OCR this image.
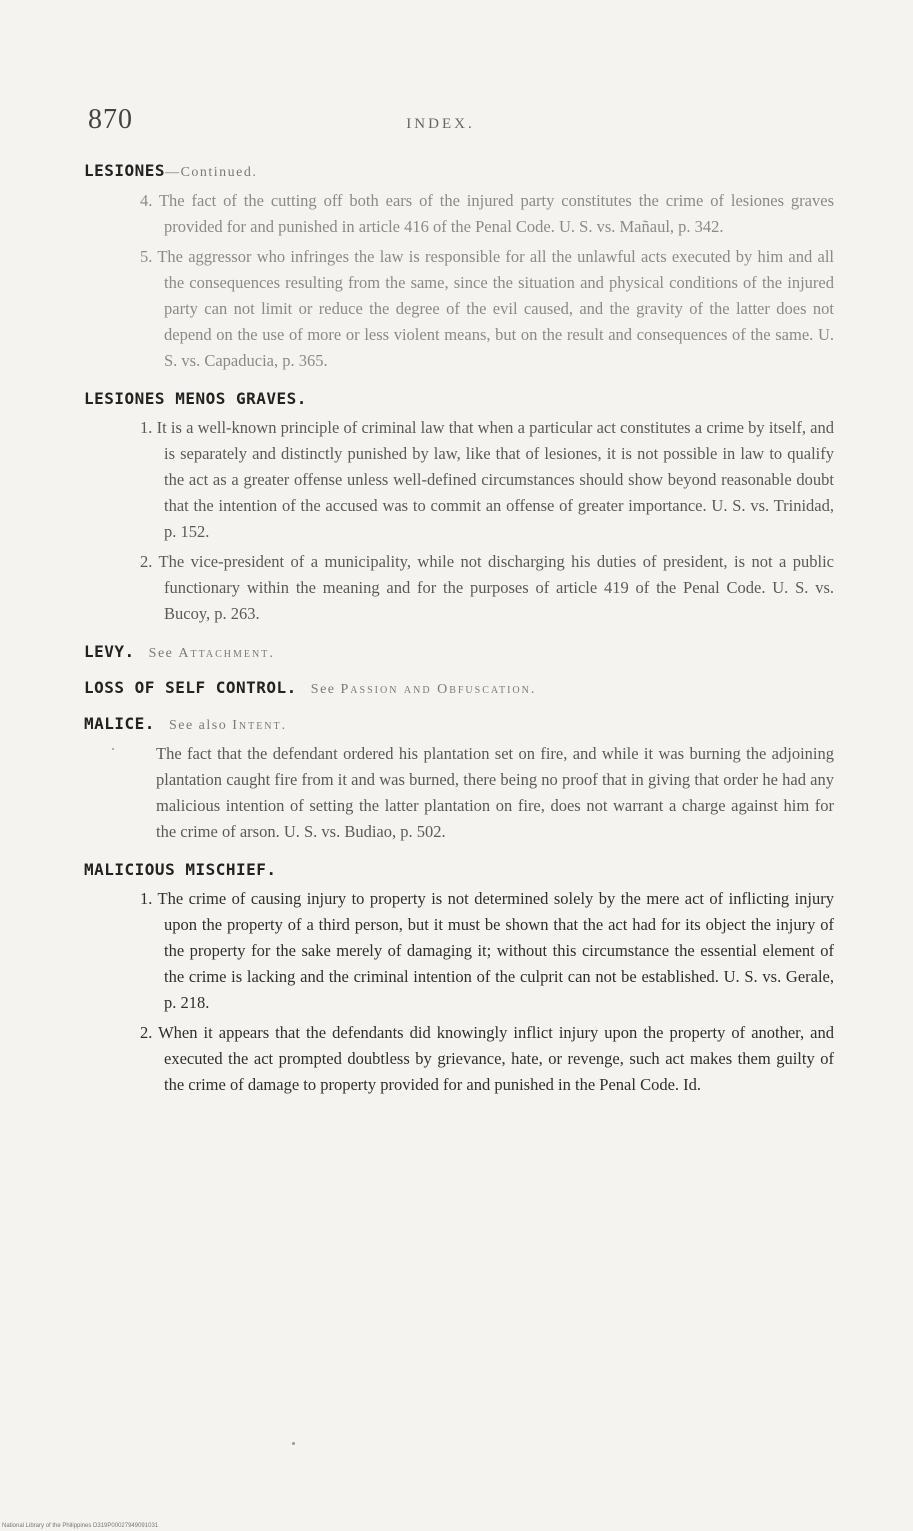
870	INDEX.
LESIONES—Continued.

4. The fact of the cutting off both ears of the injured party constitutes the crime of lesiones graves provided for and punished in article 416 of the Penal Code. U. S. vs. Mañaul, p. 342.

5. The aggressor who infringes the law is responsible for all the unlawful acts executed by him and all the consequences resulting from the same, since the situation and physical conditions of the injured party can not limit or reduce the degree of the evil caused, and the gravity of the latter does not depend on the use of more or less violent means, but on the result and consequences of the same. U. S. vs. Capaducia, p. 365.

LESIONES MENOS GRAVES.

1. It is a well-known principle of criminal law that when a particular act constitutes a crime by itself, and is separately and distinctly punished by law, like that of lesiones, it is not possible in law to qualify the act as a greater offense unless well-defined circumstances should show beyond reasonable doubt that the intention of the accused was to commit an offense of greater importance. U. S. vs. Trinidad, p. 152.

2. The vice-president of a municipality, while not discharging his duties of president, is not a public functionary within the meaning and for the purposes of article 419 of the Penal Code. U. S. vs. Bucoy, p. 263.

LEVY. See Attachment.
LOSS OF SELF CONTROL. See Passion and Obfuscation.
MALICE. See also Intent.

The fact that the defendant ordered his plantation set on fire, and while it was burning the adjoining plantation caught fire from it and was burned, there being no proof that in giving that order he had any malicious intention of setting the latter plantation on fire, does not warrant a charge against him for the crime of arson. U. S. vs. Budiao, p. 502.

MALICIOUS MISCHIEF.

1. The crime of causing injury to property is not determined solely by the mere act of inflicting injury upon the property of a third person, but it must be shown that the act had for its object the injury of the property for the sake merely of damaging it; without this circumstance the essential element of the crime is lacking and the criminal intention of the culprit can not be established. U. S. vs. Gerale, p. 218.

2. When it appears that the defendants did knowingly inflict injury upon the property of another, and executed the act prompted doubtless by grievance, hate, or revenge, such act makes them guilty of the crime of damage to property provided for and punished in the Penal Code. Id.

National Library of the Philippines D319P00027949091031
